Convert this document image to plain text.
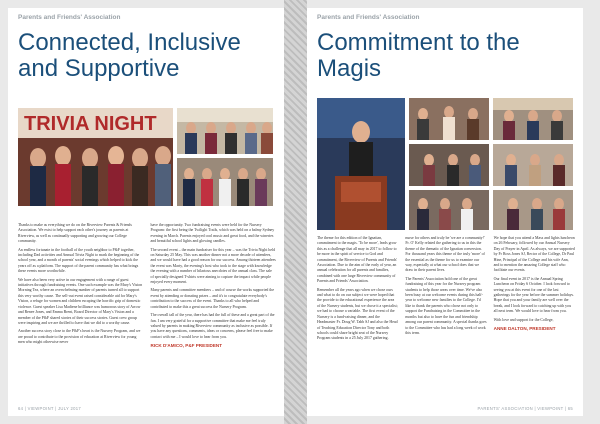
Parents and Friends' Association
Connected, Inclusive and Supportive
TRIVIA NIGHT

Thanks to make as everything we do on the Riverview Parents & Friends Association. We exist to help support each other's journey as parents at Riverview, as well as continually supporting and growing our College community.

An endless fortunate in the football of the youth neighbor to P&F together, including Dad activities and Annual Trivia Night to mark the beginning of the school year, and a month of parents' social evenings which helped to kick the years off as a platform. The support of the parent community has what brings these events more worthwhile.

We have also been very active in our engagement with a range of guest initiatives through fundraising events. One such example was the Mary's Vision Morning Tea, where an overwhelming number of parents turned all to support this very worthy cause. The sell-out event raised considerable aid for Mary's Vision, a refuge for women and children escaping the horrific grip of domestic violence. Guest speaker Lisa Madiene brilliance was humorous story of Arrow and Renee Jones, and Emma Brent, Board Director of Mary's Vision and a member of the P&F shared stories of their success stories. Guest crew group were inspiring and we are thrilled to have that we did to a worthy cause.

Another success story close to the P&F's heart is the Nursery Program, and we are proud to contribute to the provision of education at Riverview for young men who might otherwise never

have the opportunity. Two fundraising events were held for the Nursery Program: the first being the Twilight Trails, which was held on a balmy Sydney evening in March. Parents enjoyed cool music and great food, and the wineries and beautiful school lights and glowing candles.

The second event – the main fundraiser for this year – was the Trivia Night held on Saturday 25 May. This was another dinner not a more decade of attendees, and we would have had a good reason for our success. Among thirteen attendees the event was Marty, the evening's host who took to the stage with knowledge the evening with a number of hilarious anecdotes of the annual class. The sale of specially designed T-shirts were aiming to capture the impact while people enjoyed every moment.

Many parents and committee members – and of course the works supported the event by attending or donating prizes – and it's to congratulate everybody's contribution to the success of the event. Thanks to all who helped and contributed to make this a great success the Nursery Program.

The overall tall of the year, there has had the full of these and a great part of the fun. I am very grateful for a supportive committee that make me feel truly valued by parents in making Riverview community as inclusive as possible. If you have any questions, comments, ideas or concerns, please feel free to make contact with me – I would love to hear from you.

RICK D'AMICO, P&F PRESIDENT

64 | VIEWPOINT | JULY 2017
Parents and Friends' Association
Commitment to the Magis

The theme for this edition of the Ignatian, commitment to the magis. 'To be more', leads grow this as a challenge that all may in 2017 to follow to be more in the spirit of service to God and commitment, the Riverview of Parents and Friends' Association. Due to the aim of the early of year, an annual celebration for all parents and families, combined with one large Riverview community of Parents and Friends' Association.

Remember all the years ago when we chose ours and what to do on our subject we were hoped that the provide to the educational experience the area of the Nursery students, but we chose it a specialist; we had to choose a variable. The first event of the Nursery is a fund-raising dinner, and the Headmaster Fr. Doug W. Tabb SJ and also the Head of Teaching Education Director Tony and both schools could share bright seat of the Nursery Program students in a 25 July 2017 gathering.

nurse for others and truly be 'we are a community!' Fr. O' Kelly related the gathering to us in this the theme of the thematic of the Ignatian conversion. For thousand years this theme of the truly 'more' of the essential as the theme for us to examine our way, especially at what our school does that we draw in their parent lives.

The Parents' Association hold one of the great fundraising of this year for the Nursery program students to help those areas over time. We've also been busy at our welcome events during this half-year to welcome new families to the College. I'd like to thank the parents who chose not only to support the Fundraising in the Committee in the months but also to have the fun and friendship among our parent community. A special thanks goes to the Committee who has had a long week of work this term.

We hope that you attend a Mass and lights luncheon on 26 February, followed by our Annual Nursery Day of Prayer in April. As always, we are supported by Fr Ross Jones SJ, Rector of the College, Dr Paul Hine, Principal of the College and his wife Ann, and to mention the amazing College staff who facilitate our events.

Our final event in 2017 is the Annual Spring Luncheon on Friday 6 October. I look forward to seeing you at this event for one of the last gatherings for the year before the summer holidays. Hope that you and your family are well over the break, and I look forward to catching up with you all next term. We would love to hear from you.

With love and support for the College,

ANNE DALTON, PRESIDENT

PARENTS' ASSOCIATION | VIEWPOINT | 65
